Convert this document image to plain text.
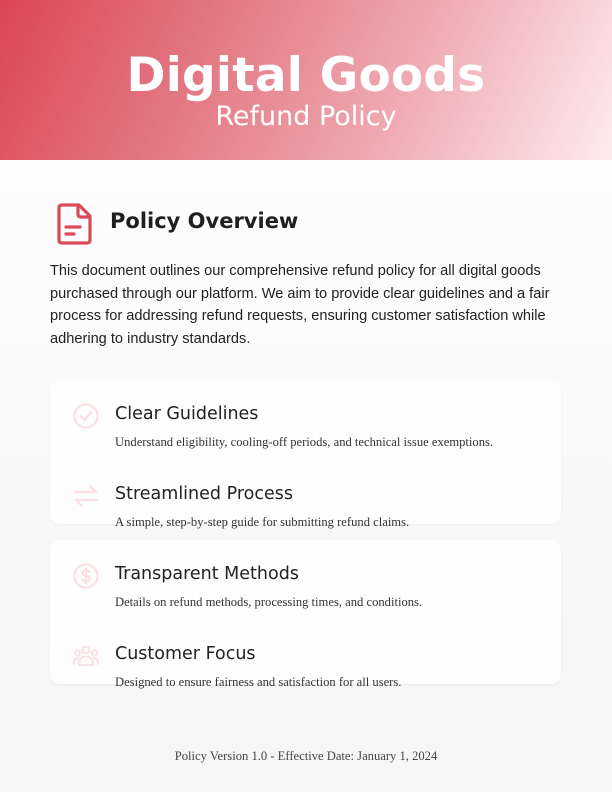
Digital Goods
Refund Policy
Policy Overview
This document outlines our comprehensive refund policy for all digital goods purchased through our platform. We aim to provide clear guidelines and a fair process for addressing refund requests, ensuring customer satisfaction while adhering to industry standards.
Clear Guidelines
Understand eligibility, cooling-off periods, and technical issue exemptions.
Streamlined Process
A simple, step-by-step guide for submitting refund claims.
Transparent Methods
Details on refund methods, processing times, and conditions.
Customer Focus
Designed to ensure fairness and satisfaction for all users.
Policy Version 1.0 - Effective Date: January 1, 2024
